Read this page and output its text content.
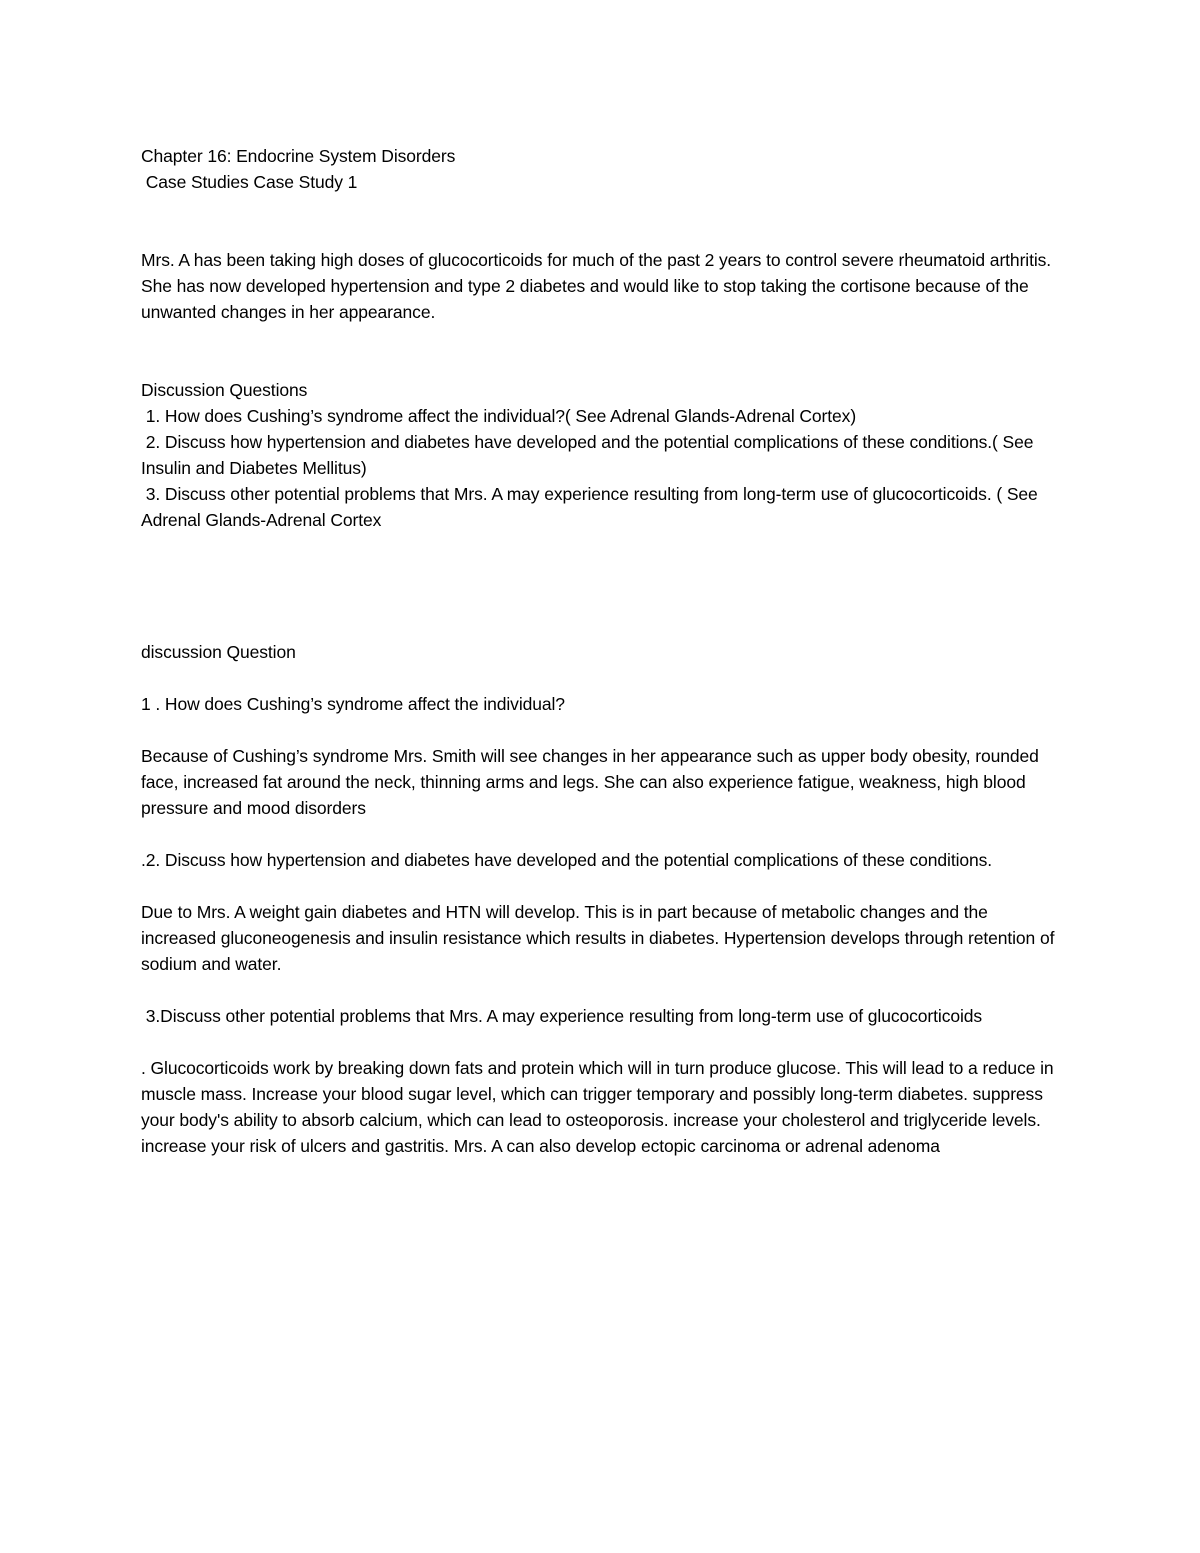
Chapter 16: Endocrine System Disorders

Case Studies Case Study 1

Mrs. A has been taking high doses of glucocorticoids for much of the past 2 years to control severe rheumatoid arthritis. She has now developed hypertension and type 2 diabetes and would like to stop taking the cortisone because of the unwanted changes in her appearance.

Discussion Questions

1. How does Cushing’s syndrome affect the individual?( See Adrenal Glands-Adrenal Cortex)

2. Discuss how hypertension and diabetes have developed and the potential complications of these conditions.( See Insulin and Diabetes Mellitus)

3. Discuss other potential problems that Mrs. A may experience resulting from long-term use of glucocorticoids. ( See Adrenal Glands-Adrenal Cortex

discussion Question

1 . How does Cushing’s syndrome affect the individual?

Because of Cushing’s syndrome Mrs. Smith will see changes in her appearance such as upper body obesity, rounded face, increased fat around the neck, thinning arms and legs. She can also experience fatigue, weakness, high blood pressure and mood disorders

.2. Discuss how hypertension and diabetes have developed and the potential complications of these conditions.

Due to Mrs. A weight gain diabetes and HTN will develop. This is in part because of metabolic changes and the increased gluconeogenesis and insulin resistance which results in diabetes. Hypertension develops through retention of sodium and water.

3.Discuss other potential problems that Mrs. A may experience resulting from long-term use of glucocorticoids

. Glucocorticoids work by breaking down fats and protein which will in turn produce glucose. This will lead to a reduce in muscle mass. Increase your blood sugar level, which can trigger temporary and possibly long-term diabetes. suppress your body's ability to absorb calcium, which can lead to osteoporosis. increase your cholesterol and triglyceride levels. increase your risk of ulcers and gastritis. Mrs. A can also develop ectopic carcinoma or adrenal adenoma
